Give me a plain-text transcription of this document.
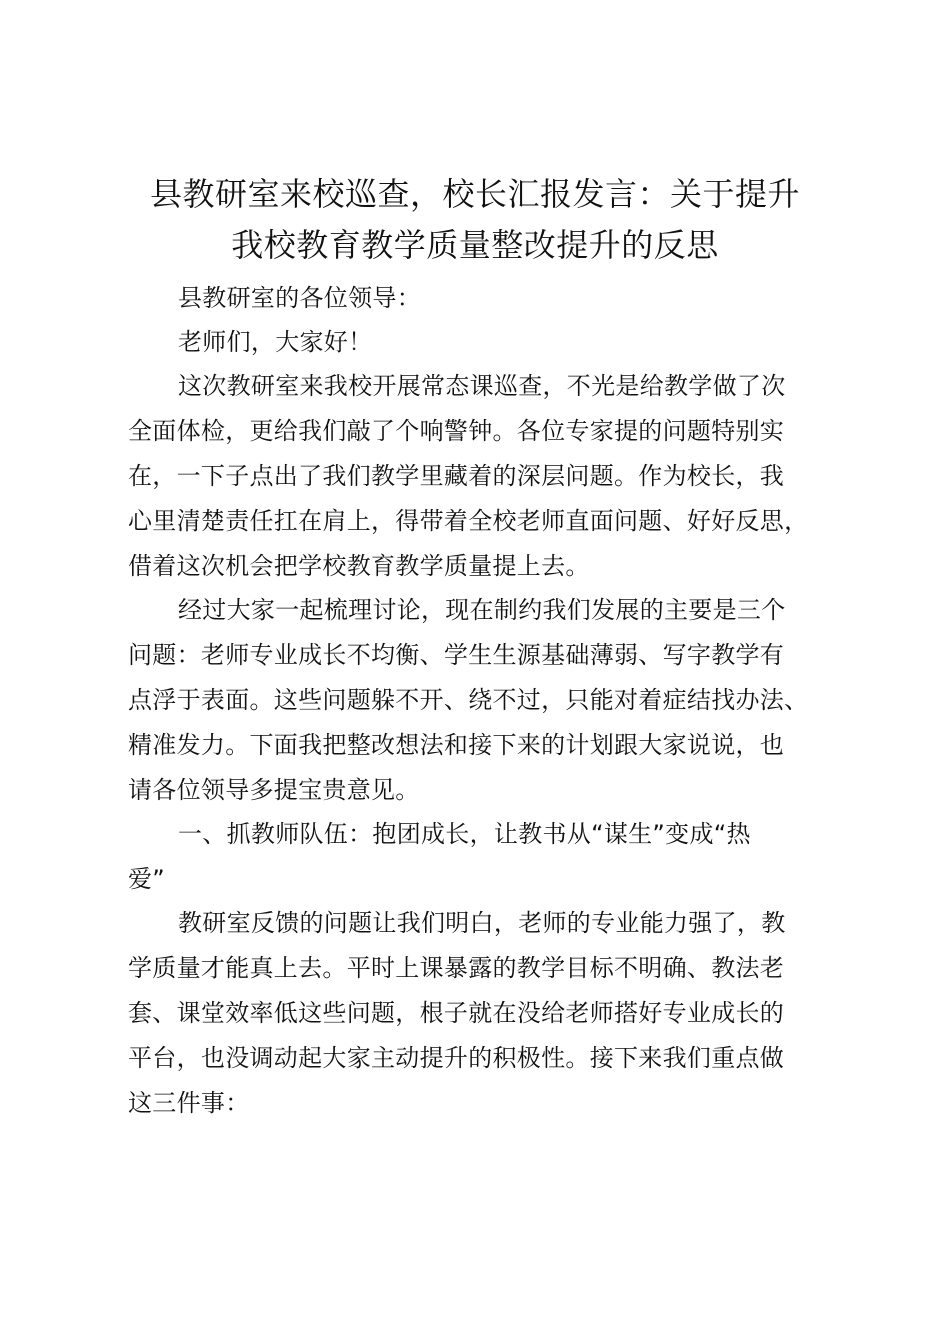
县教研室来校巡查，校长汇报发言：关于提升
我校教育教学质量整改提升的反思
县教研室的各位领导：
老师们，大家好！
这次教研室来我校开展常态课巡查，不光是给教学做了次
全面体检，更给我们敲了个响警钟。各位专家提的问题特别实
在，一下子点出了我们教学里藏着的深层问题。作为校长，我
心里清楚责任扛在肩上，得带着全校老师直面问题、好好反思，
借着这次机会把学校教育教学质量提上去。
经过大家一起梳理讨论，现在制约我们发展的主要是三个
问题：老师专业成长不均衡、学生生源基础薄弱、写字教学有
点浮于表面。这些问题躲不开、绕不过，只能对着症结找办法、
精准发力。下面我把整改想法和接下来的计划跟大家说说，也
请各位领导多提宝贵意见。
一、抓教师队伍：抱团成长，让教书从“谋生”变成“热
爱”
教研室反馈的问题让我们明白，老师的专业能力强了，教
学质量才能真上去。平时上课暴露的教学目标不明确、教法老
套、课堂效率低这些问题，根子就在没给老师搭好专业成长的
平台，也没调动起大家主动提升的积极性。接下来我们重点做
这三件事：
